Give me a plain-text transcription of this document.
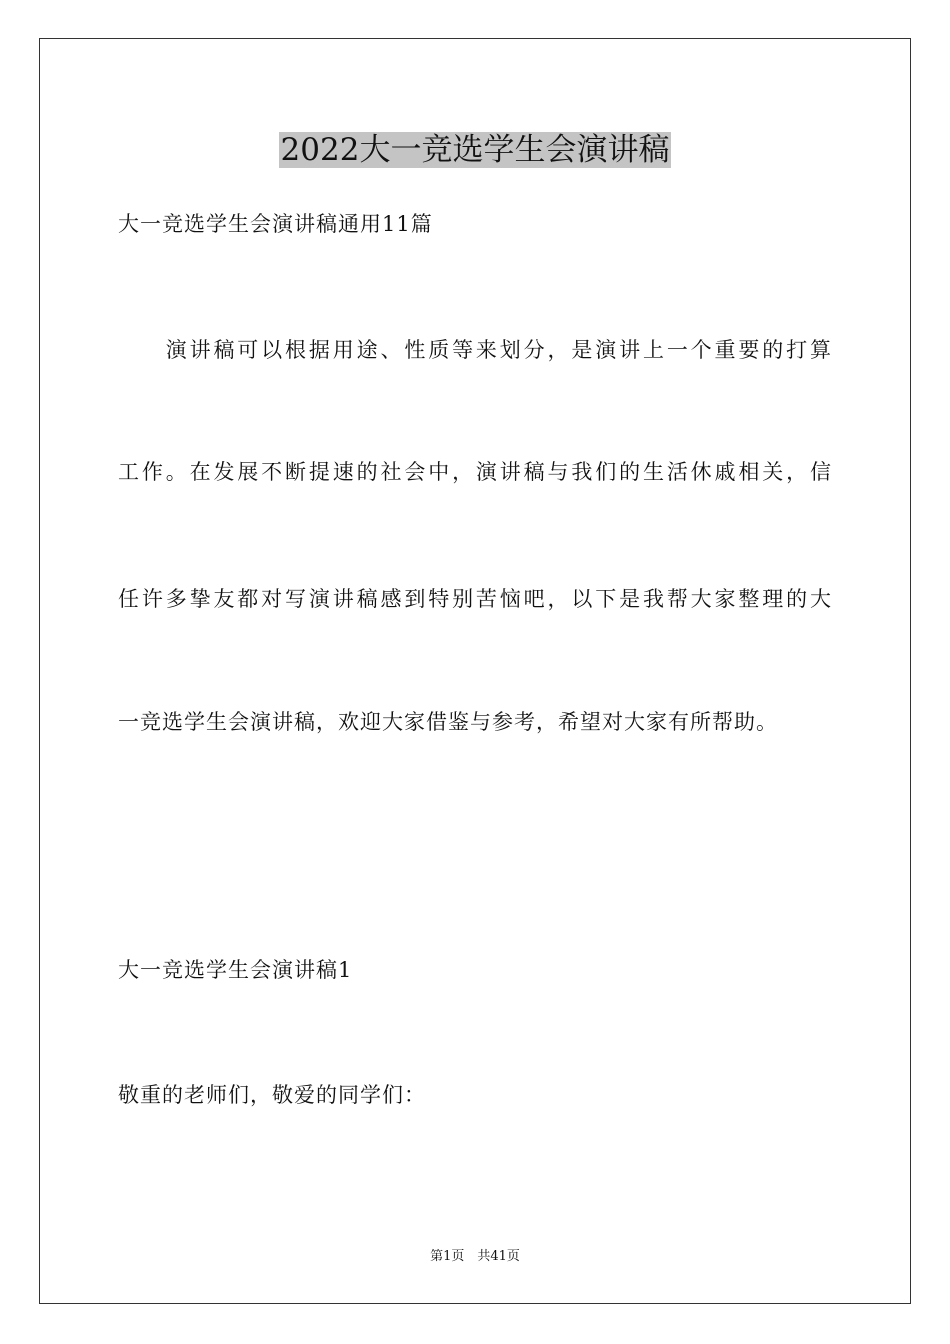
2022大一竞选学生会演讲稿
大一竞选学生会演讲稿通用11篇
　　演讲稿可以根据用途、性质等来划分，是演讲上一个重要的打算
工作。在发展不断提速的社会中，演讲稿与我们的生活休戚相关，信
任许多挚友都对写演讲稿感到特别苦恼吧，以下是我帮大家整理的大
一竞选学生会演讲稿，欢迎大家借鉴与参考，希望对大家有所帮助。
大一竞选学生会演讲稿1
敬重的老师们，敬爱的同学们：
第1页　共41页
